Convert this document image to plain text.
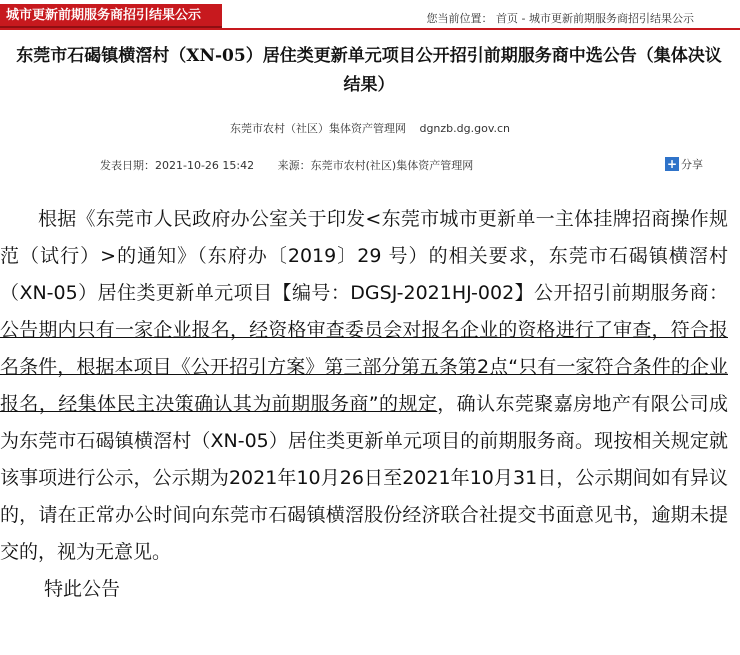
城市更新前期服务商招引结果公示	您当前位置： 首页 - 城市更新前期服务商招引结果公示
东莞市石碣镇横滘村（XN-05）居住类更新单元项目公开招引前期服务商中选公告（集体决议结果）
东莞市农村（社区）集体资产管理网 dgnzb.dg.gov.cn
发表日期：2021-10-26 15:42 来源：东莞市农村(社区)集体资产管理网	+ 分享

根据《东莞市人民政府办公室关于印发<东莞市城市更新单一主体挂牌招商操作规范（试行）>的通知》（东府办〔2019〕29 号）的相关要求，东莞市石碣镇横滘村（XN-05）居住类更新单元项目【编号：DGSJ-2021HJ-002】公开招引前期服务商：公告期内只有一家企业报名，经资格审查委员会对报名企业的资格进行了审查，符合报名条件，根据本项目《公开招引方案》第三部分第五条第2点“只有一家符合条件的企业报名，经集体民主决策确认其为前期服务商”的规定，确认东莞聚嘉房地产有限公司成为东莞市石碣镇横滘村（XN-05）居住类更新单元项目的前期服务商。现按相关规定就该事项进行公示，公示期为2021年10月26日至2021年10月31日，公示期间如有异议的，请在正常办公时间向东莞市石碣镇横滘股份经济联合社提交书面意见书，逾期未提交的，视为无意见。

特此公告
